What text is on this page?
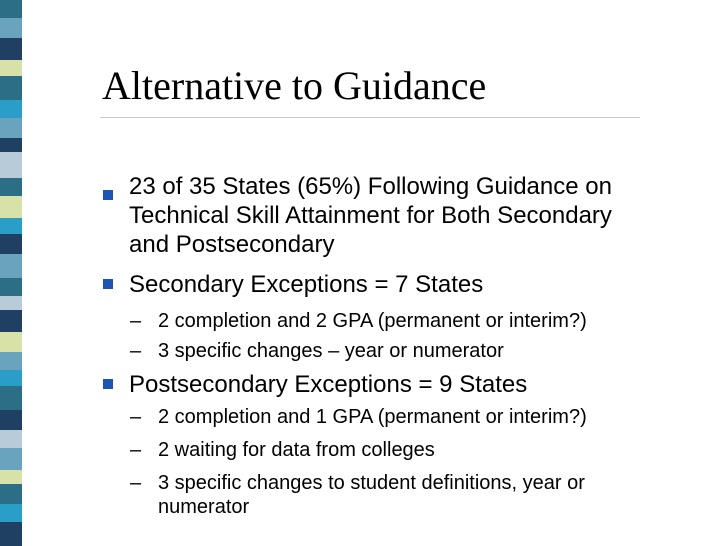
Alternative to Guidance
23 of 35 States (65%) Following Guidance on
Technical Skill Attainment for Both Secondary
and Postsecondary
Secondary Exceptions = 7 States
– 2 completion and 2 GPA (permanent or interim?)
– 3 specific changes – year or numerator
Postsecondary Exceptions = 9 States
– 2 completion and 1 GPA (permanent or interim?)
– 2 waiting for data from colleges
– 3 specific changes to student definitions, year or
numerator
